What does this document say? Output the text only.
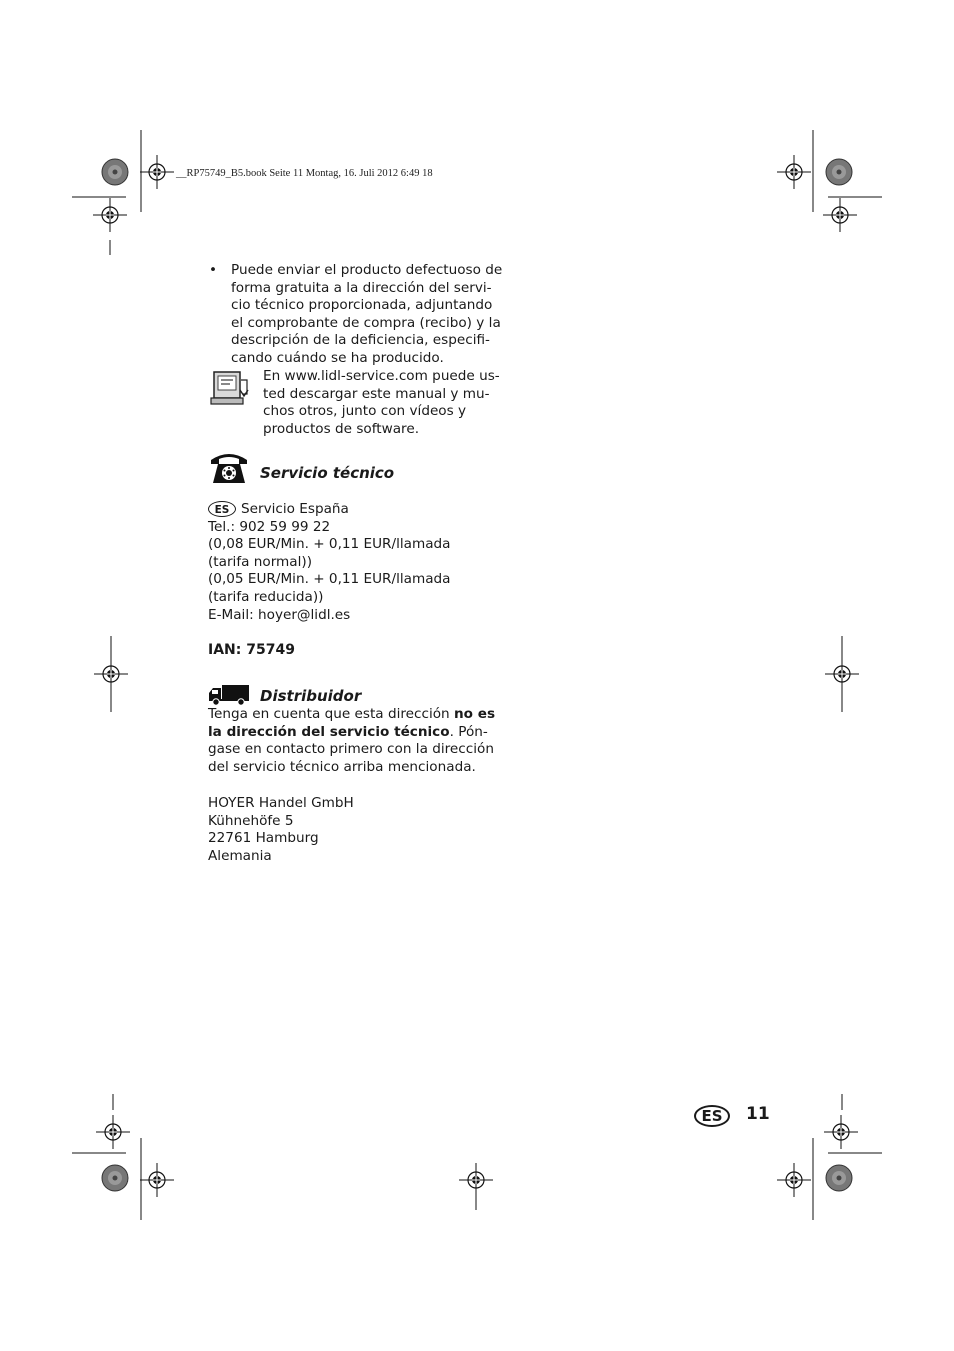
__RP75749_B5.book Seite 11 Montag, 16. Juli 2012 6:49 18
• Puede enviar el producto defectuoso de
forma gratuita a la dirección del servi-
cio técnico proporcionada, adjuntando
el comprobante de compra (recibo) y la
descripción de la deficiencia, especifi-
cando cuándo se ha producido.
En www.lidl-service.com puede us-
ted descargar este manual y mu-
chos otros, junto con vídeos y
productos de software.
Servicio técnico
ES Servicio España
Tel.: 902 59 99 22
(0,08 EUR/Min. + 0,11 EUR/llamada
(tarifa normal))
(0,05 EUR/Min. + 0,11 EUR/llamada
(tarifa reducida))
E-Mail: hoyer@lidl.es
IAN: 75749
Distribuidor
Tenga en cuenta que esta dirección no es
la dirección del servicio técnico. Pón-
gase en contacto primero con la dirección
del servicio técnico arriba mencionada.
HOYER Handel GmbH
Kühnehöfe 5
22761 Hamburg
Alemania
ES	11
